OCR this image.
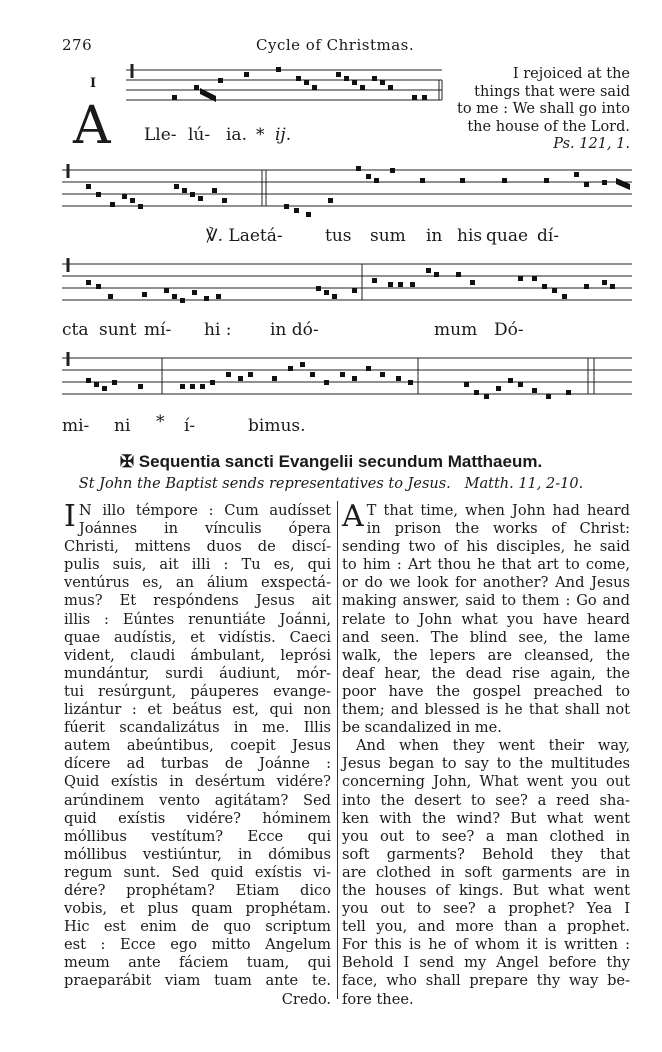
276	Cycle of Christmas.
I
A Lle- lú- ia. * ij.
I rejoiced at the
things that were said
to me : We shall go into
the house of the Lord.
Ps. 121, 1.
℣. Laetá- tus sum in his quae dí-
cta sunt mí- hi : in dó-	mum Dó-
mi- ni * í-	bimus.
✠ Sequentia sancti Evangelii secundum Matthaeum.
St John the Baptist sends representatives to Jesus. Matth. 11, 2-10.
I N illo témpore : Cum audísset

Joánnes in vínculis ópera

Christi, mittens duos de discí-

pulis suis, ait illi : Tu es, qui

ventúrus es, an álium exspectá-

mus? Et respóndens Jesus ait

illis : Eúntes renuntiáte Joánni,

quae audístis, et vidístis. Caeci

vident, claudi ámbulant, leprósi

mundántur, surdi áudiunt, mór-

tui resúrgunt, páuperes evange-

lizántur : et beátus est, qui non

fúerit scandalizátus in me. Illis

autem abeúntibus, coepit Jesus

dícere ad turbas de Joánne :

Quid exístis in desértum vidére?

arúndinem vento agitátam? Sed

quid exístis vidére? hóminem

móllibus vestítum? Ecce qui

móllibus vestiúntur, in dómibus

regum sunt. Sed quid exístis vi-

dére? prophétam? Etiam dico

vobis, et plus quam prophétam.

Hic est enim de quo scriptum

est : Ecce ego mitto Angelum

meum ante fáciem tuam, qui

praeparábit viam tuam ante te.

Credo.

A T that time, when John had heard

in prison the works of Christ:

sending two of his disciples, he said

to him : Art thou he that art to come,

or do we look for another? And Jesus

making answer, said to them : Go and

relate to John what you have heard

and seen. The blind see, the lame

walk, the lepers are cleansed, the

deaf hear, the dead rise again, the

poor have the gospel preached to

them; and blessed is he that shall not

be scandalized in me.

And when they went their way,

Jesus began to say to the multitudes

concerning John, What went you out

into the desert to see? a reed sha-

ken with the wind? But what went

you out to see? a man clothed in

soft garments? Behold they that

are clothed in soft garments are in

the houses of kings. But what went

you out to see? a prophet? Yea I

tell you, and more than a prophet.

For this is he of whom it is written :

Behold I send my Angel before thy

face, who shall prepare thy way be-

fore thee.
